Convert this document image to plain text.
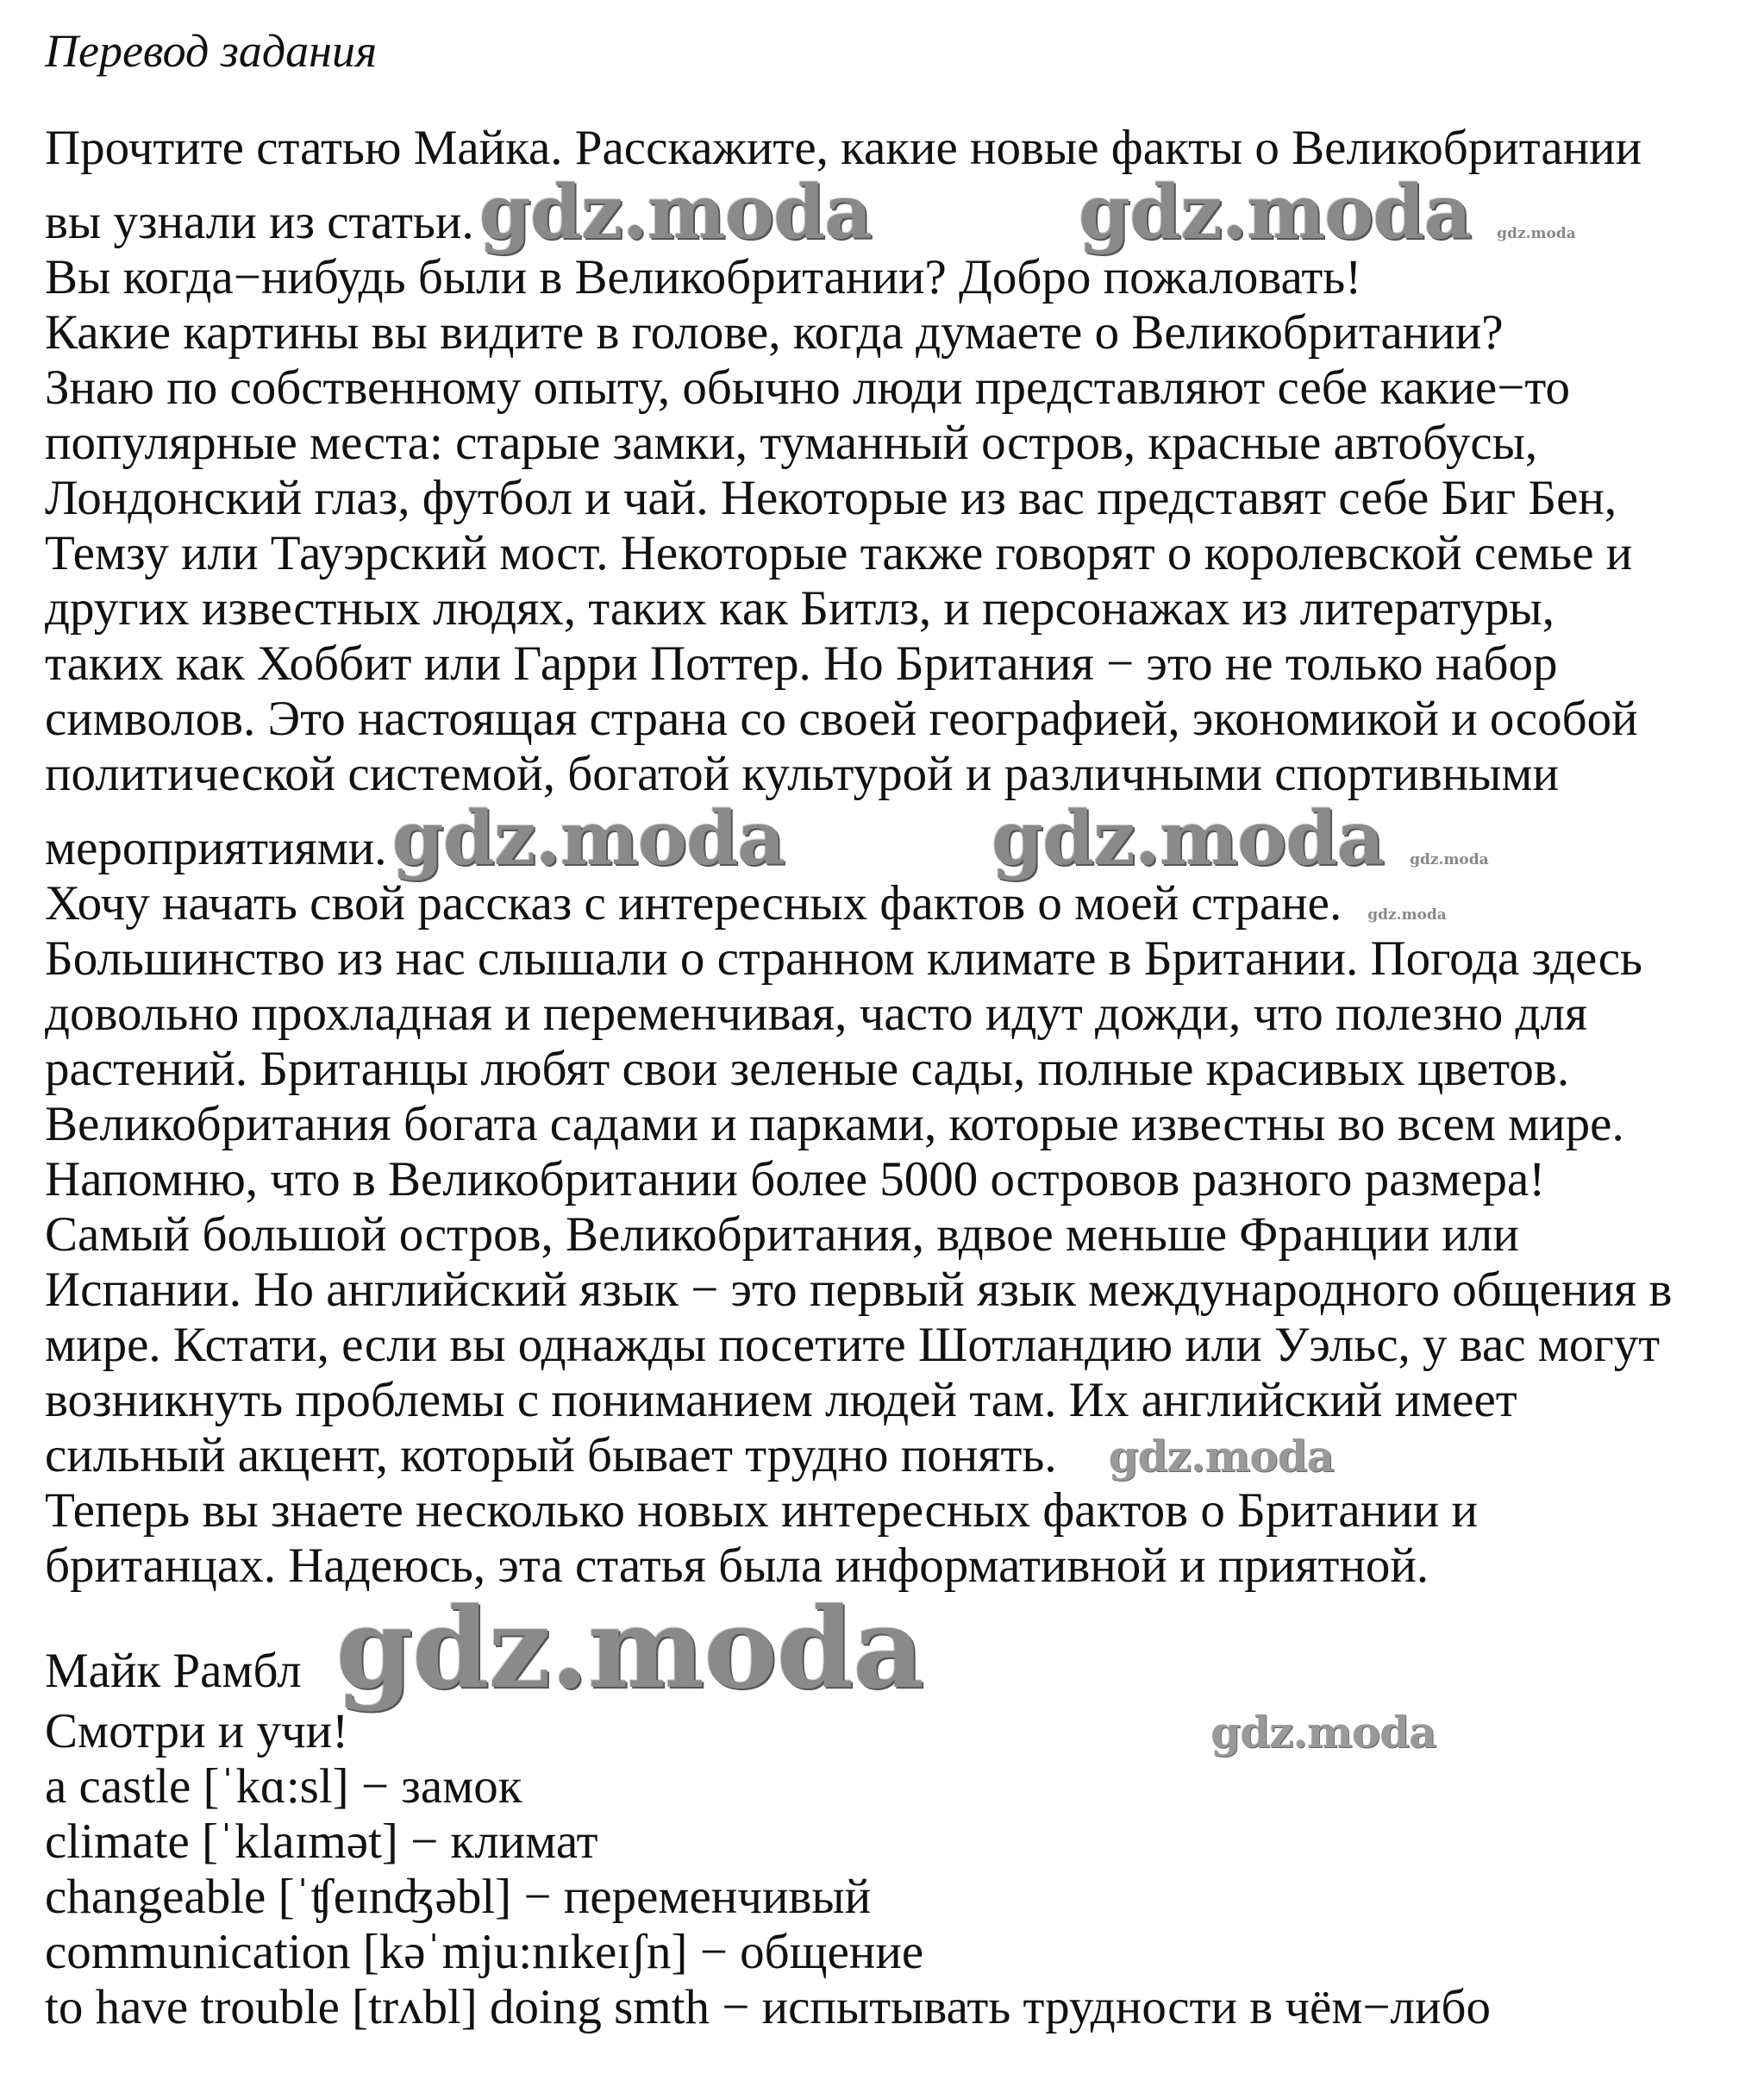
Перевод задания
Прочтите статью Майка. Расскажите, какие новые факты о Великобритании
вы узнали из статьи.gdz.moda	gdz.moda gdz.moda
Вы когда−нибудь были в Великобритании? Добро пожаловать!
Какие картины вы видите в голове, когда думаете о Великобритании?
Знаю по собственному опыту, обычно люди представляют себе какие−то
популярные места: старые замки, туманный остров, красные автобусы,
Лондонский глаз, футбол и чай. Некоторые из вас представят себе Биг Бен,
Темзу или Тауэрский мост. Некоторые также говорят о королевской семье и
других известных людях, таких как Битлз, и персонажах из литературы,
таких как Хоббит или Гарри Поттер. Но Британия − это не только набор
символов. Это настоящая страна со своей географией, экономикой и особой
политической системой, богатой культурой и различными спортивными
мероприятиями.gdz.moda	gdz.moda gdz.moda
Хочу начать свой рассказ с интересных фактов о моей стране. gdz.moda
Большинство из нас слышали о странном климате в Британии. Погода здесь
довольно прохладная и переменчивая, часто идут дожди, что полезно для
растений. Британцы любят свои зеленые сады, полные красивых цветов.
Великобритания богата садами и парками, которые известны во всем мире.
Напомню, что в Великобритании более 5000 островов разного размера!
Самый большой остров, Великобритания, вдвое меньше Франции или
Испании. Но английский язык − это первый язык международного общения в
мире. Кстати, если вы однажды посетите Шотландию или Уэльс, у вас могут
возникнуть проблемы с пониманием людей там. Их английский имеет
сильный акцент, который бывает трудно понять. gdz.moda
Теперь вы знаете несколько новых интересных фактов о Британии и
британцах. Надеюсь, эта статья была информативной и приятной.
Майк Рамбл gdz.moda
Смотри и учи!	gdz.moda
a castle [ˈkɑ:sl] − замок
climate [ˈklaɪmət] − климат
changeable [ˈʧeɪnʤəbl] − переменчивый
communication [kəˈmju:nɪkeɪʃn] − общение
to have trouble [trʌbl] doing smth − испытывать трудности в чём−либо
